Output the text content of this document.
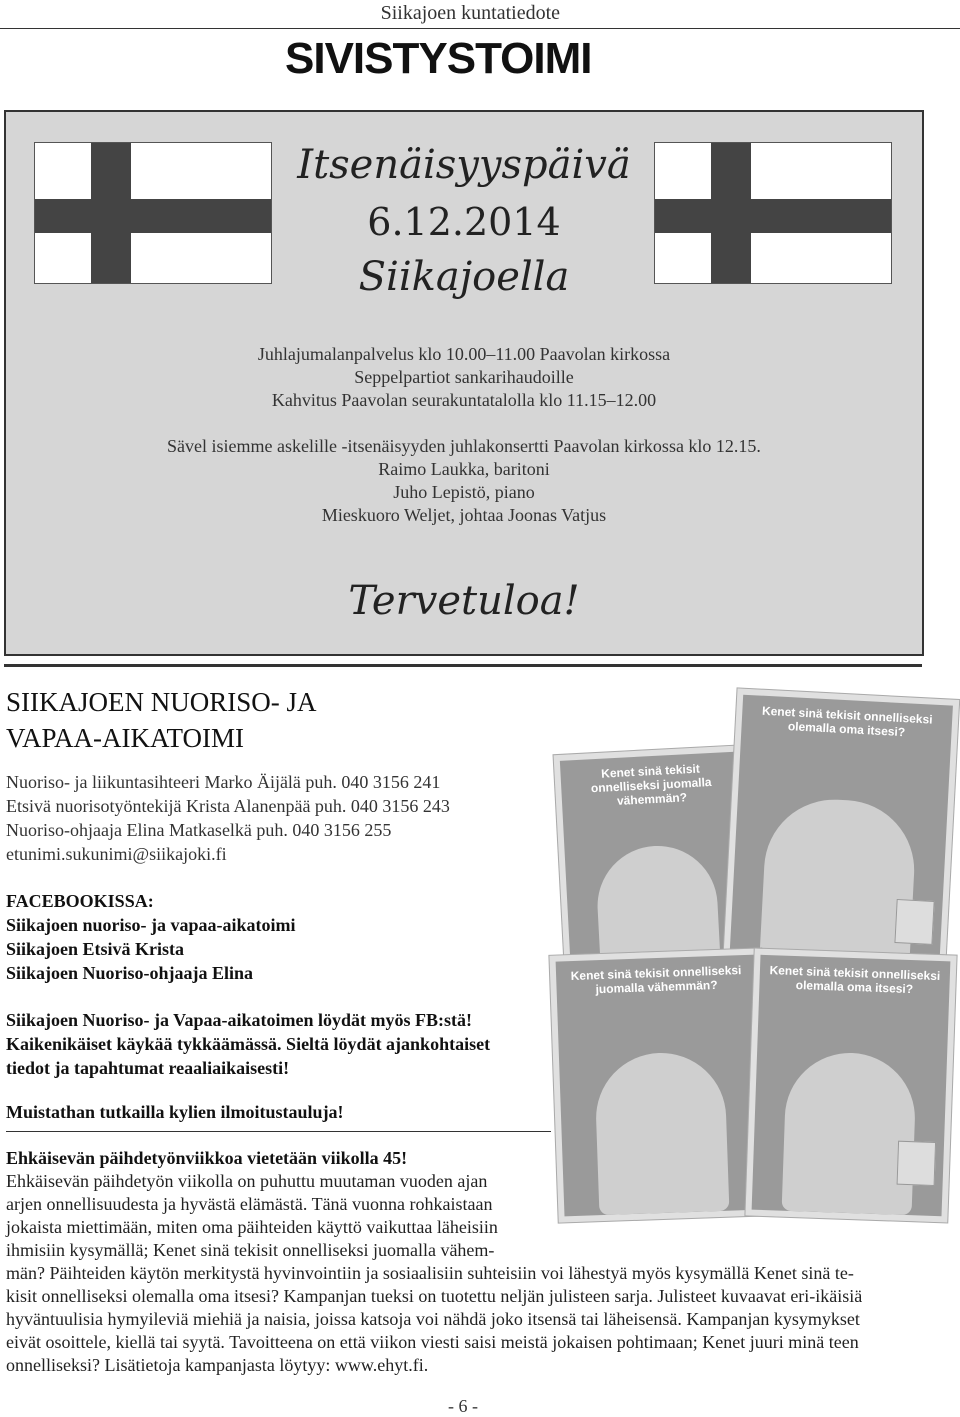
Siikajoen kuntatiedote
SIVISTYSTOIMI
Itsenäisyyspäivä
6.12.2014
Siikajoella
Juhlajumalanpalvelus klo 10.00–11.00 Paavolan kirkossa
Seppelpartiot sankarihaudoille
Kahvitus Paavolan seurakuntatalolla klo 11.15–12.00
Sävel isiemme askelille -itsenäisyyden juhlakonsertti Paavolan kirkossa klo 12.15.
Raimo Laukka, baritoni
Juho Lepistö, piano
Mieskuoro Weljet, johtaa Joonas Vatjus
Tervetuloa!
SIIKAJOEN NUORISO- JA
VAPAA-AIKATOIMI
Nuoriso- ja liikuntasihteeri Marko Äijälä puh. 040 3156 241
Etsivä nuorisotyöntekijä Krista Alanenpää puh. 040 3156 243
Nuoriso-ohjaaja Elina Matkaselkä puh. 040 3156 255
etunimi.sukunimi@siikajoki.fi
FACEBOOKISSA:
Siikajoen nuoriso- ja vapaa-aikatoimi
Siikajoen Etsivä Krista
Siikajoen Nuoriso-ohjaaja Elina
Siikajoen Nuoriso- ja Vapaa-aikatoimen löydät myös FB:stä!
Kaikenikäiset käykää tykkäämässä. Sieltä löydät ajankohtaiset
tiedot ja tapahtumat reaaliaikaisesti!
Muistathan tutkailla kylien ilmoitustauluja!
Kenet sinä tekisit onnelliseksi juomalla vähemmän?
Kenet sinä tekisit onnelliseksi olemalla oma itsesi?
Kenet sinä tekisit onnelliseksi juomalla vähemmän?
Kenet sinä tekisit onnelliseksi olemalla oma itsesi?
Ehkäisevän päihdetyönviikkoa vietetään viikolla 45!
Ehkäisevän päihdetyön viikolla on puhuttu muutaman vuoden ajan
arjen onnellisuudesta ja hyvästä elämästä. Tänä vuonna rohkaistaan
jokaista miettimään, miten oma päihteiden käyttö vaikuttaa läheisiin
ihmisiin kysymällä; Kenet sinä tekisit onnelliseksi juomalla vähem-
män? Päihteiden käytön merkitystä hyvinvointiin ja sosiaalisiin suhteisiin voi lähestyä myös kysymällä Kenet sinä te-
kisit onnelliseksi olemalla oma itsesi? Kampanjan tueksi on tuotettu neljän julisteen sarja. Julisteet kuvaavat eri-ikäisiä
hyväntuulisia hymyileviä miehiä ja naisia, joissa katsoja voi nähdä joko itsensä tai läheisensä. Kampanjan kysymykset
eivät osoittele, kiellä tai syytä. Tavoitteena on että viikon viesti saisi meistä jokaisen pohtimaan; Kenet juuri minä teen
onnelliseksi? Lisätietoja kampanjasta löytyy: www.ehyt.fi.
- 6 -
